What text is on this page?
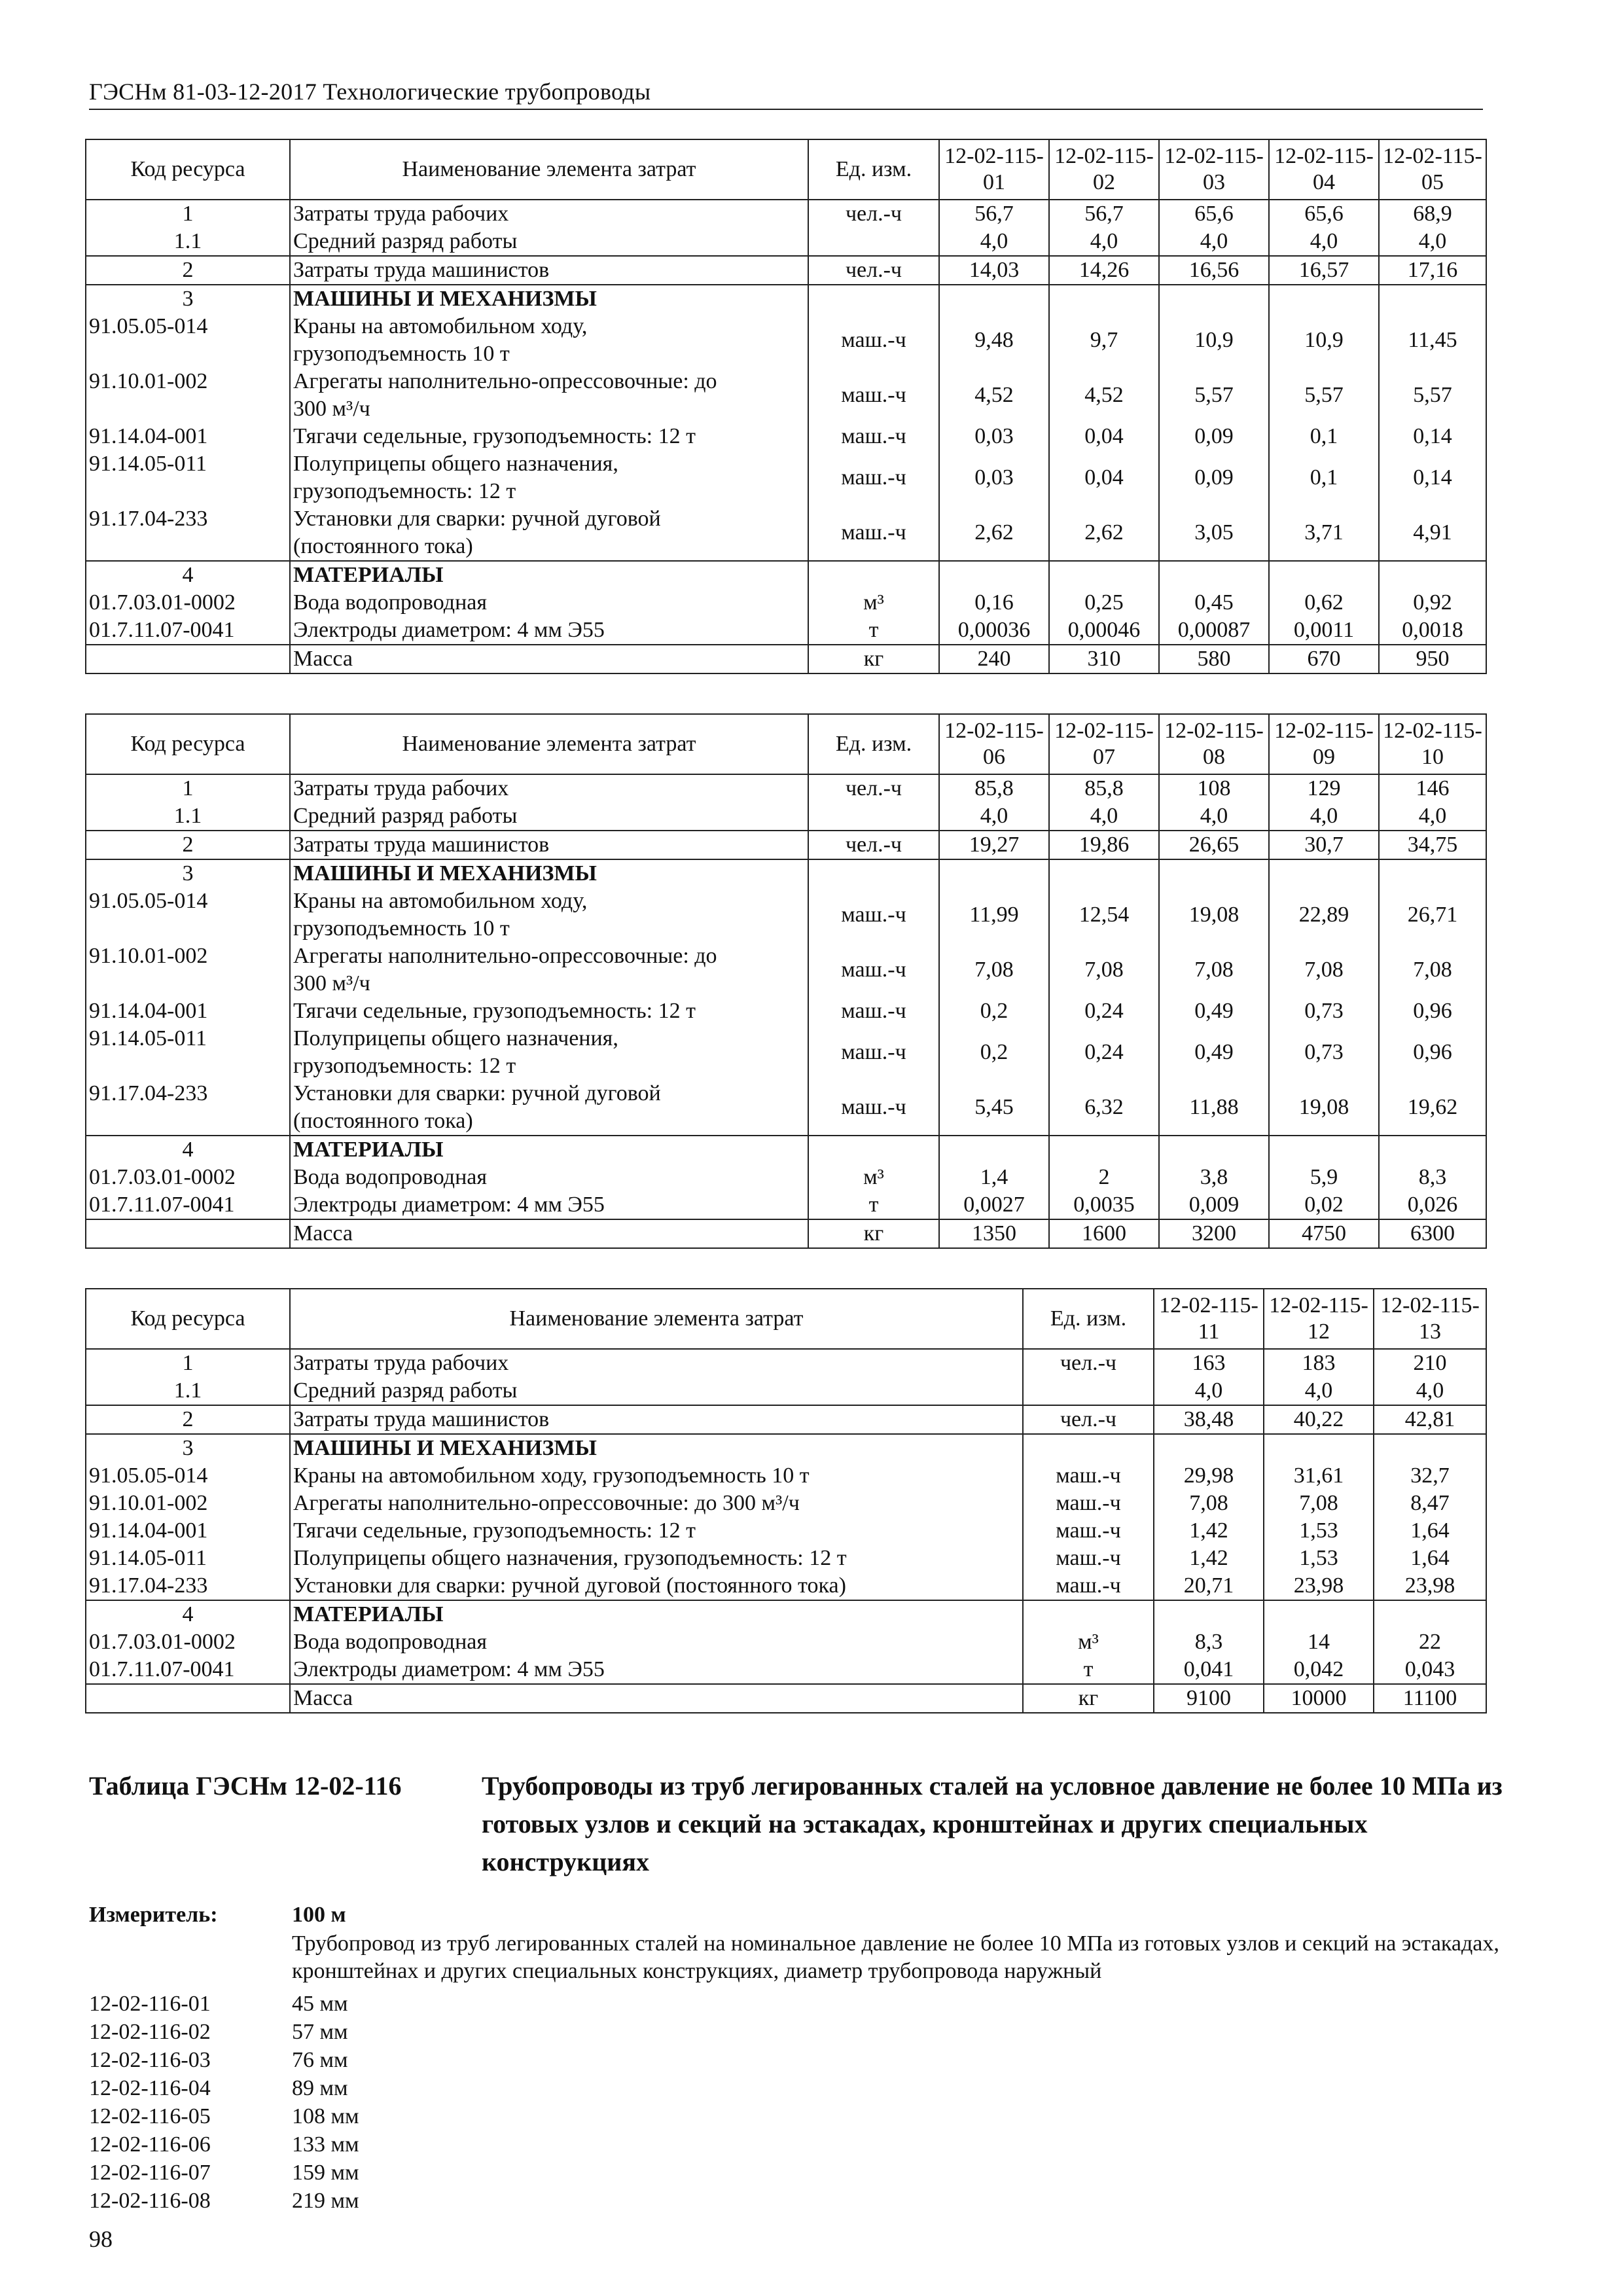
ГЭСНм 81-03-12-2017 Технологические трубопроводы
Код ресурса	Наименование элемента затрат	Ед. изм.	12-02-115-01	12-02-115-02	12-02-115-03	12-02-115-04	12-02-115-05
1	Затраты труда рабочих	чел.-ч	56,7	56,7	65,6	65,6	68,9
1.1	Средний разряд работы		4,0	4,0	4,0	4,0	4,0
2	Затраты труда машинистов	чел.-ч	14,03	14,26	16,56	16,57	17,16
3	МАШИНЫ И МЕХАНИЗМЫ						

91.05.05-014	Краны на автомобильном ходу,
грузоподъемность 10 т	маш.-ч	9,48	9,7	10,9	10,9	11,45
91.10.01-002	Агрегаты наполнительно-опрессовочные: до
300 м³/ч	маш.-ч	4,52	4,52	5,57	5,57	5,57
91.14.04-001	Тягачи седельные, грузоподъемность: 12 т	маш.-ч	0,03	0,04	0,09	0,1	0,14
91.14.05-011	Полуприцепы общего назначения,
грузоподъемность: 12 т	маш.-ч	0,03	0,04	0,09	0,1	0,14
91.17.04-233	Установки для сварки: ручной дуговой
(постоянного тока)	маш.-ч	2,62	2,62	3,05	3,71	4,91
4	МАТЕРИАЛЫ						

01.7.03.01-0002	Вода водопроводная	м³	0,16	0,25	0,45	0,62	0,92
01.7.11.07-0041	Электроды диаметром: 4 мм Э55	т	0,00036	0,00046	0,00087	0,0011	0,0018

	Масса	кг	240	310	580	670	950
Код ресурса	Наименование элемента затрат	Ед. изм.	12-02-115-06	12-02-115-07	12-02-115-08	12-02-115-09	12-02-115-10
1	Затраты труда рабочих	чел.-ч	85,8	85,8	108	129	146
1.1	Средний разряд работы		4,0	4,0	4,0	4,0	4,0
2	Затраты труда машинистов	чел.-ч	19,27	19,86	26,65	30,7	34,75
3	МАШИНЫ И МЕХАНИЗМЫ						

91.05.05-014	Краны на автомобильном ходу,
грузоподъемность 10 т	маш.-ч	11,99	12,54	19,08	22,89	26,71
91.10.01-002	Агрегаты наполнительно-опрессовочные: до
300 м³/ч	маш.-ч	7,08	7,08	7,08	7,08	7,08
91.14.04-001	Тягачи седельные, грузоподъемность: 12 т	маш.-ч	0,2	0,24	0,49	0,73	0,96
91.14.05-011	Полуприцепы общего назначения,
грузоподъемность: 12 т	маш.-ч	0,2	0,24	0,49	0,73	0,96
91.17.04-233	Установки для сварки: ручной дуговой
(постоянного тока)	маш.-ч	5,45	6,32	11,88	19,08	19,62
4	МАТЕРИАЛЫ						

01.7.03.01-0002	Вода водопроводная	м³	1,4	2	3,8	5,9	8,3
01.7.11.07-0041	Электроды диаметром: 4 мм Э55	т	0,0027	0,0035	0,009	0,02	0,026

	Масса	кг	1350	1600	3200	4750	6300
Код ресурса	Наименование элемента затрат	Ед. изм.	12-02-115-11	12-02-115-12	12-02-115-13
1	Затраты труда рабочих	чел.-ч	163	183	210
1.1	Средний разряд работы		4,0	4,0	4,0
2	Затраты труда машинистов	чел.-ч	38,48	40,22	42,81
3	МАШИНЫ И МЕХАНИЗМЫ				

91.05.05-014	Краны на автомобильном ходу, грузоподъемность 10 т	маш.-ч	29,98	31,61	32,7
91.10.01-002	Агрегаты наполнительно-опрессовочные: до 300 м³/ч	маш.-ч	7,08	7,08	8,47
91.14.04-001	Тягачи седельные, грузоподъемность: 12 т	маш.-ч	1,42	1,53	1,64
91.14.05-011	Полуприцепы общего назначения, грузоподъемность: 12 т	маш.-ч	1,42	1,53	1,64
91.17.04-233	Установки для сварки: ручной дуговой (постоянного тока)	маш.-ч	20,71	23,98	23,98
4	МАТЕРИАЛЫ				

01.7.03.01-0002	Вода водопроводная	м³	8,3	14	22
01.7.11.07-0041	Электроды диаметром: 4 мм Э55	т	0,041	0,042	0,043

	Масса	кг	9100	10000	11100
Таблица ГЭСНм 12-02-116	Трубопроводы из труб легированных сталей на условное давление не более 10 МПа из готовых узлов и секций на эстакадах, кронштейнах и других специальных конструкциях
Измеритель:	100 м
Трубопровод из труб легированных сталей на номинальное давление не более 10 МПа из готовых узлов и секций на эстакадах, кронштейнах и других специальных конструкциях, диаметр трубопровода наружный
12-02-116-01	45 мм
12-02-116-02	57 мм
12-02-116-03	76 мм
12-02-116-04	89 мм
12-02-116-05	108 мм
12-02-116-06	133 мм
12-02-116-07	159 мм
12-02-116-08	219 мм
98
